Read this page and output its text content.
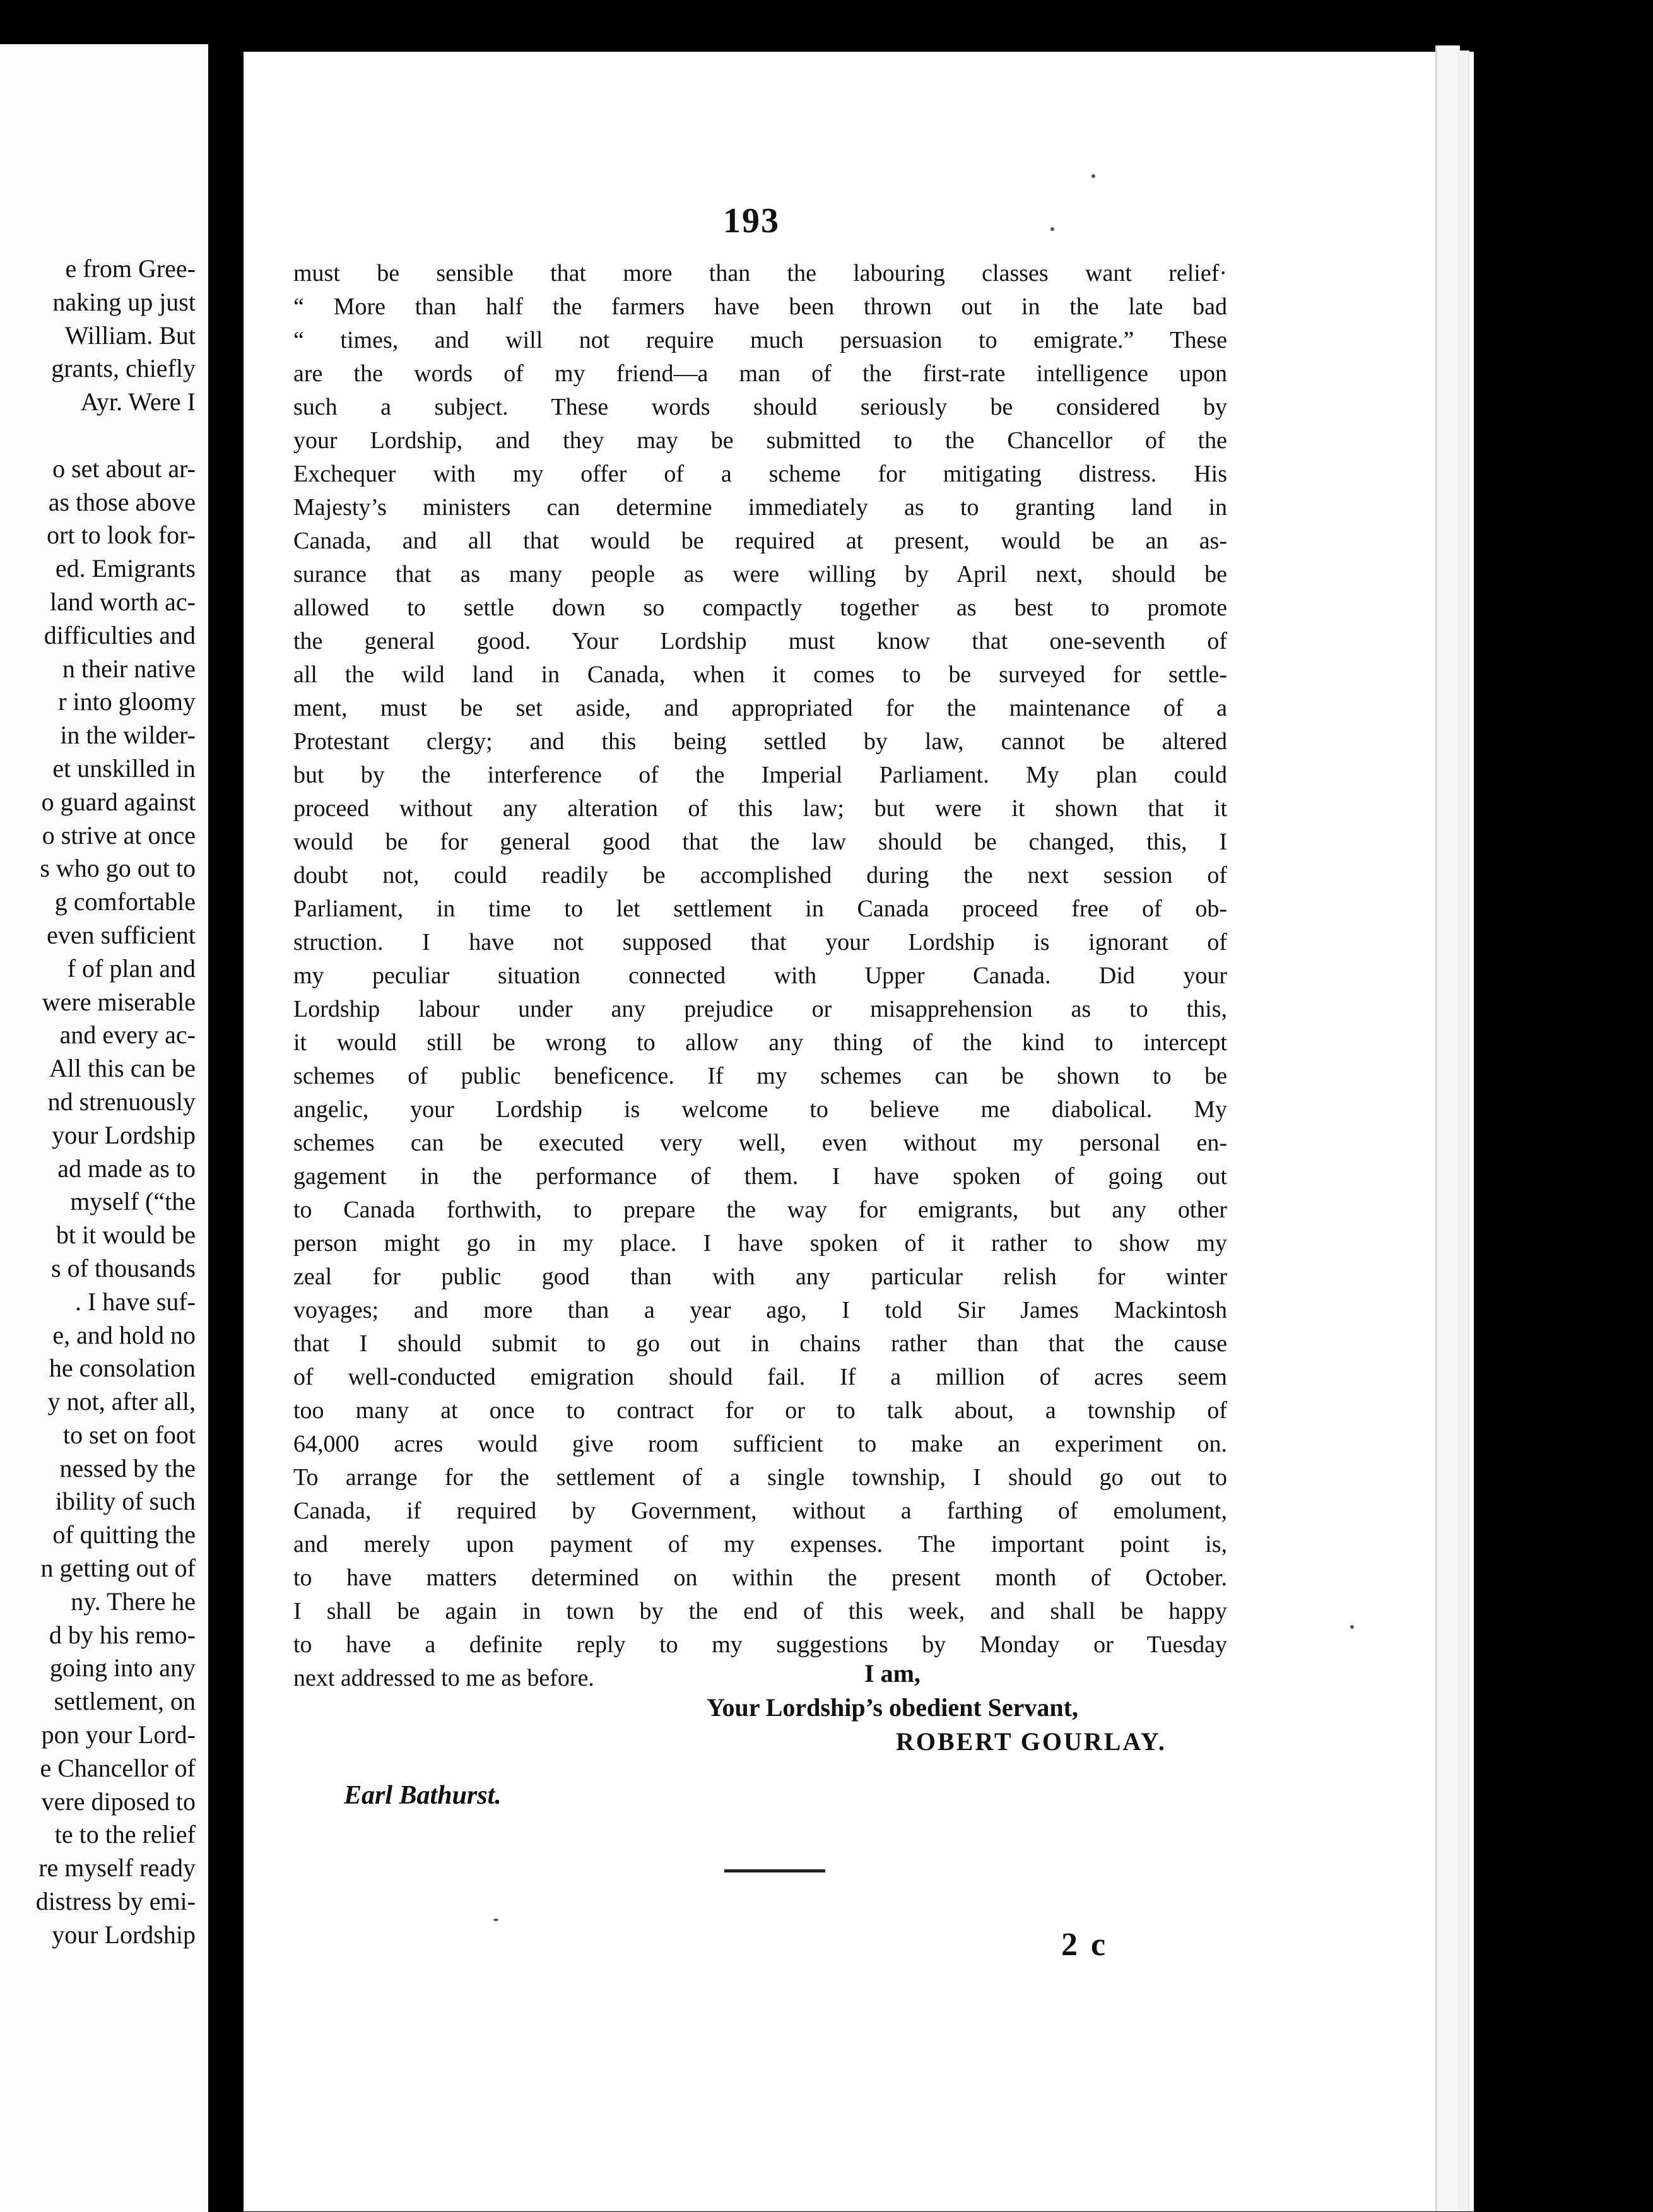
e from Gree-
naking up just
William. But
grants, chiefly
Ayr. Were I
o set about ar-
as those above
ort to look for-
ed. Emigrants
land worth ac-
difficulties and
n their native
r into gloomy
in the wilder-
et unskilled in
o guard against
o strive at once
s who go out to
g comfortable
even sufficient
f of plan and
were miserable
and every ac-
All this can be
nd strenuously
your Lordship
ad made as to
myself (“the
bt it would be
s of thousands
. I have suf-
e, and hold no
he consolation
y not, after all,
to set on foot
nessed by the
ibility of such
of quitting the
n getting out of
ny. There he
d by his remo-
going into any
settlement, on
pon your Lord-
e Chancellor of
vere diposed to
te to the relief
re myself ready
distress by emi-
your Lordship
193
must be sensible that more than the labouring classes want relief·
“ More than half the farmers have been thrown out in the late bad
“ times, and will not require much persuasion to emigrate.” These
are the words of my friend—a man of the first-rate intelligence upon
such a subject. These words should seriously be considered by
your Lordship, and they may be submitted to the Chancellor of the
Exchequer with my offer of a scheme for mitigating distress. His
Majesty’s ministers can determine immediately as to granting land in
Canada, and all that would be required at present, would be an as-
surance that as many people as were willing by April next, should be
allowed to settle down so compactly together as best to promote
the general good. Your Lordship must know that one-seventh of
all the wild land in Canada, when it comes to be surveyed for settle-
ment, must be set aside, and appropriated for the maintenance of a
Protestant clergy; and this being settled by law, cannot be altered
but by the interference of the Imperial Parliament. My plan could
proceed without any alteration of this law; but were it shown that it
would be for general good that the law should be changed, this, I
doubt not, could readily be accomplished during the next session of
Parliament, in time to let settlement in Canada proceed free of ob-
struction. I have not supposed that your Lordship is ignorant of
my peculiar situation connected with Upper Canada. Did your
Lordship labour under any prejudice or misapprehension as to this,
it would still be wrong to allow any thing of the kind to intercept
schemes of public beneficence. If my schemes can be shown to be
angelic, your Lordship is welcome to believe me diabolical. My
schemes can be executed very well, even without my personal en-
gagement in the performance of them. I have spoken of going out
to Canada forthwith, to prepare the way for emigrants, but any other
person might go in my place. I have spoken of it rather to show my
zeal for public good than with any particular relish for winter
voyages; and more than a year ago, I told Sir James Mackintosh
that I should submit to go out in chains rather than that the cause
of well-conducted emigration should fail. If a million of acres seem
too many at once to contract for or to talk about, a township of
64,000 acres would give room sufficient to make an experiment on.
To arrange for the settlement of a single township, I should go out to
Canada, if required by Government, without a farthing of emolument,
and merely upon payment of my expenses. The important point is,
to have matters determined on within the present month of October.
I shall be again in town by the end of this week, and shall be happy
to have a definite reply to my suggestions by Monday or Tuesday
next addressed to me as before.	I am,
Your Lordship’s obedient Servant,
ROBERT GOURLAY.
Earl Bathurst.
2 c
